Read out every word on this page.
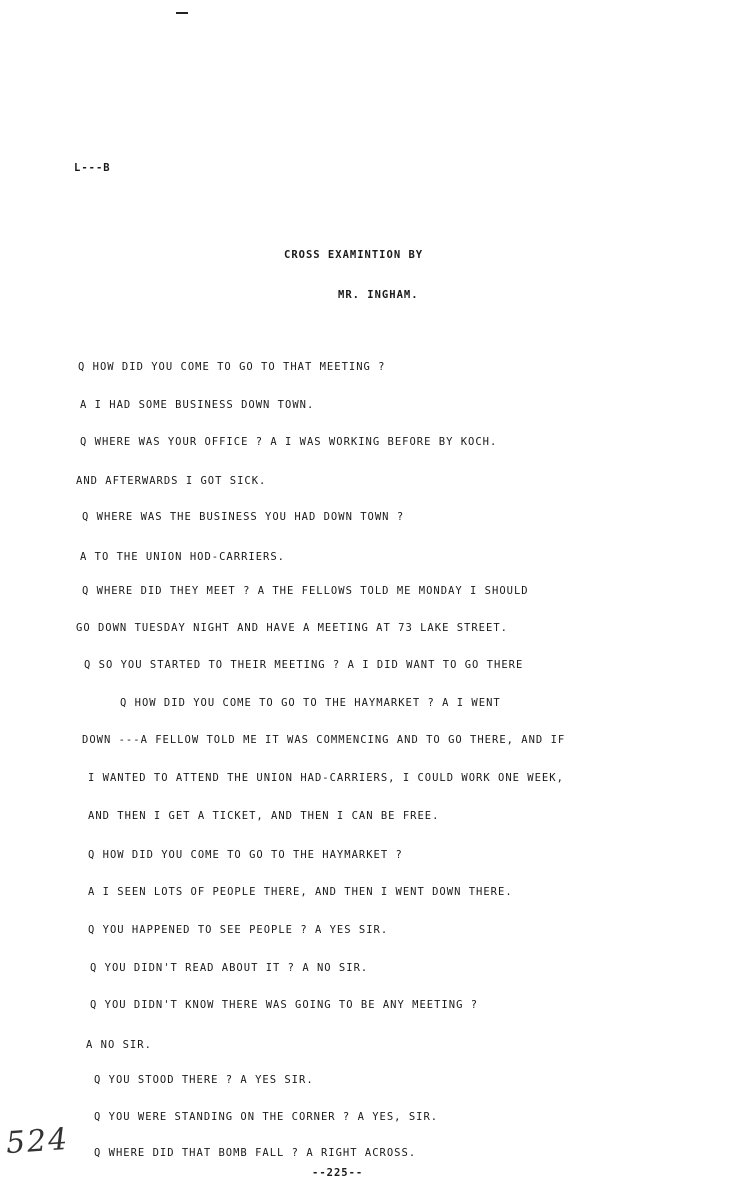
L---B
CROSS EXAMINTION BY
MR. INGHAM.
Q HOW DID YOU COME TO GO TO THAT MEETING ?
A I HAD SOME BUSINESS DOWN TOWN.
Q WHERE WAS YOUR OFFICE ? A I WAS WORKING BEFORE BY KOCH.
AND AFTERWARDS I GOT SICK.
Q WHERE WAS THE BUSINESS YOU HAD DOWN TOWN ?
A TO THE UNION HOD-CARRIERS.
Q WHERE DID THEY MEET ? A THE FELLOWS TOLD ME MONDAY I SHOULD
GO DOWN TUESDAY NIGHT AND HAVE A MEETING AT 73 LAKE STREET.
Q SO YOU STARTED TO THEIR MEETING ? A I DID WANT TO GO THERE
Q HOW DID YOU COME TO GO TO THE HAYMARKET ? A I WENT
DOWN ---A FELLOW TOLD ME IT WAS COMMENCING AND TO GO THERE, AND IF
I WANTED TO ATTEND THE UNION HAD-CARRIERS, I COULD WORK ONE WEEK,
AND THEN I GET A TICKET, AND THEN I CAN BE FREE.
Q HOW DID YOU COME TO GO TO THE HAYMARKET ?
A I SEEN LOTS OF PEOPLE THERE, AND THEN I WENT DOWN THERE.
Q YOU HAPPENED TO SEE PEOPLE ? A YES SIR.
Q YOU DIDN'T READ ABOUT IT ? A NO SIR.
Q YOU DIDN'T KNOW THERE WAS GOING TO BE ANY MEETING ?
A NO SIR.
Q YOU STOOD THERE ? A YES SIR.
Q YOU WERE STANDING ON THE CORNER ? A YES, SIR.
Q WHERE DID THAT BOMB FALL ? A RIGHT ACROSS.
--225--
524
